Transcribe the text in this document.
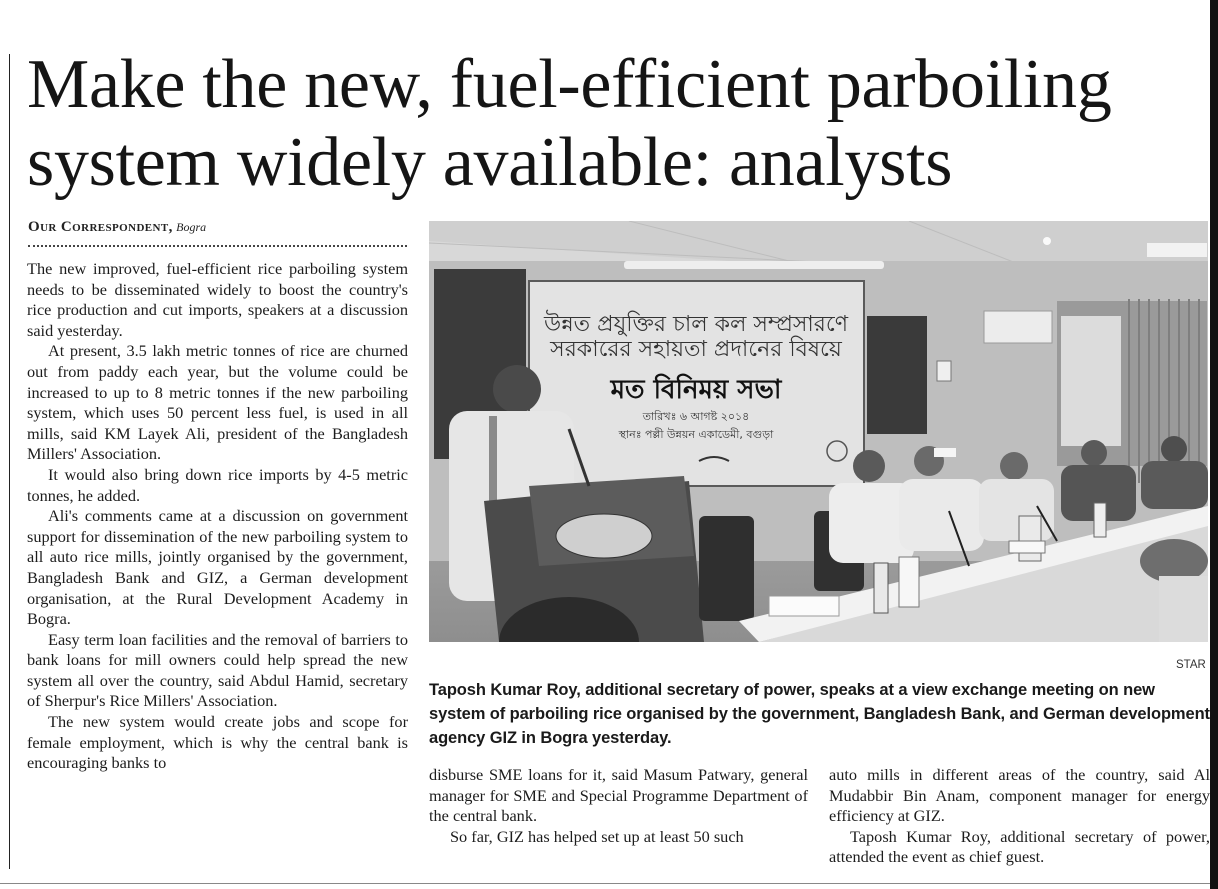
Make the new, fuel-efficient parboiling
system widely available: analysts
Our Correspondent, Bogra

The new improved, fuel-efficient rice parboiling system needs to be disseminated widely to boost the country's rice production and cut imports, speakers at a discussion said yesterday.

At present, 3.5 lakh metric tonnes of rice are churned out from paddy each year, but the volume could be increased to up to 8 metric tonnes if the new parboiling system, which uses 50 percent less fuel, is used in all mills, said KM Layek Ali, president of the Bangladesh Millers' Association.

It would also bring down rice imports by 4-5 metric tonnes, he added.

Ali's comments came at a discussion on government support for dissemination of the new parboiling system to all auto rice mills, jointly organised by the government, Bangladesh Bank and GIZ, a German development organisation, at the Rural Development Academy in Bogra.

Easy term loan facilities and the removal of barriers to bank loans for mill owners could help spread the new system all over the country, said Abdul Hamid, secretary of Sherpur's Rice Millers' Association.

The new system would create jobs and scope for female employment, which is why the central bank is encouraging banks to

উন্নত প্রযুক্তির চাল কল সম্প্রসারণে
সরকারের সহায়তা প্রদানের বিষয়ে
মত বিনিময় সভা
তারিখঃ ৬ আগষ্ট ২০১৪
স্থানঃ পল্লী উন্নয়ন একাডেমী, বগুড়া
STAR
Taposh Kumar Roy, additional secretary of power, speaks at a view exchange meeting on new system of parboiling rice organised by the government, Bangladesh Bank, and German development agency GIZ in Bogra yesterday.

disburse SME loans for it, said Masum Patwary, general manager for SME and Special Programme Department of the central bank.

So far, GIZ has helped set up at least 50 such

auto mills in different areas of the country, said Al Mudabbir Bin Anam, component manager for energy efficiency at GIZ.

Taposh Kumar Roy, additional secretary of power, attended the event as chief guest.
